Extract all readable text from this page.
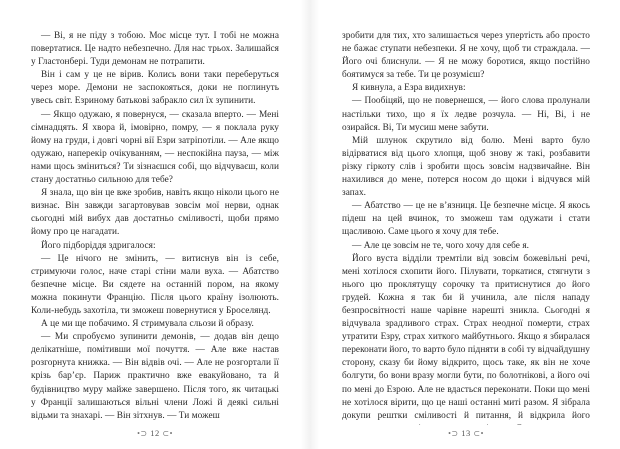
— Ві, я не піду з тобою. Моє місце тут. І тобі не можна повертатися. Це надто небезпечно. Для нас трьох. Залишайся у Гластонбері. Туди демонам не потрапити.

Він і сам у це не вірив. Колись вони таки переберуться через море. Демони не заспокояться, доки не поглинуть увесь світ. Езриному батькові забракло сил їх зупинити.

— Якщо одужаю, я повернуся, — сказала вперто. — Мені сімнадцять. Я хвора й, імовірно, помру, — я поклала руку йому на груди, і довгі чорні вії Езри затріпотіли. — Але якщо одужаю, наперекір очікуванням, — неспокійна пауза, — між нами щось зміниться? Ти зізнаєшся собі, що відчуваєш, коли стану достатньо сильною для тебе?

Я знала, що він це вже зробив, навіть якщо ніколи цього не визнає. Він завжди загартовував зовсім мої нерви, однак сьогодні мій вибух дав достатньо сміливості, щоби прямо йому про це нагадати.

Його підборіддя здригалося:

— Це нічого не змінить, — витиснув він із себе, стримуючи голос, наче старі стіни мали вуха. — Абатство безпечне місце. Ви сядете на останній пором, на якому можна покинути Францію. Після цього країну ізолюють. Коли-небудь захотіла, ти зможеш повернутися у Броселянд.

А це ми ще побачимо. Я стримувала сльози й образу.

— Ми спробуємо зупинити демонів, — додав він дещо делікатніше, помітивши мої почуття. — Але вже настав розгорнута книжка. — Він відвів очі. — Але не розгортали її крізь бар’єр. Париж практично вже евакуйовано, та й будівництво муру майже завершено. Після того, як читацькі у Франції залишаються вільні члени Ложі й деякі сильні відьми та знахарі. — Він зітхнув. — Ти можеш

•⊃ 12 ⊂•

зробити для тих, хто залишається через упертість або просто не бажає ступати небезпеки. Я не хочу, щоб ти страждала. — Його очі блиснули. — Я не можу боротися, якщо постійно боятимуся за тебе. Ти це розумієш?

Я кивнула, а Езра видихнув:

— Пообіцяй, що не повернешся, — його слова пролунали настільки тихо, що я їх ледве розчула. — Ні, Ві, і не озирайся. Ві, Ти мусиш мене забути.

Мій шлунок скрутило від болю. Мені варто було відірватися від цього хлопця, щоб знову ж такі, розбавити різку гіркоту слів і зробити щось зовсім надзвичайне. Він нахилився до мене, потерся носом до щоки і відчувся мій запах.

— Абатство — це не в’язниця. Це безпечне місце. Я якось підеш на цей вчинок, то зможеш там одужати і стати щасливою. Саме цього я хочу для тебе.

— Але це зовсім не те, чого хочу для себе я.

Його вуста відділи тремтіли від зовсім божевільні речі, мені хотілося схопити його. Пілувати, торкатися, стягнути з нього цю проклятущу сорочку та притиснутися до його грудей. Кожна я так би й учинила, але після нападу безпросвітності наше чарівне нарешті зникла. Сьогодні я відчувала зрадливого страх. Страх неодної померти, страх утратити Езру, страх хиткого майбутнього. Якщо я збиралася переконати його, то варто було підняти в собі ту відчайдушну сторону, сказу би йому відкрито, щось таке, як він не хоче болгути, бо вони вразу могли бути, по болотнікові, а його очі по мені до Езрою. Але не вдасться переконати. Поки що мені не хотілося вірити, що це наші останні миті разом. Я зібрала докупи рештки сміливості й питання, й відкрила його

•⊃ 13 ⊂•
